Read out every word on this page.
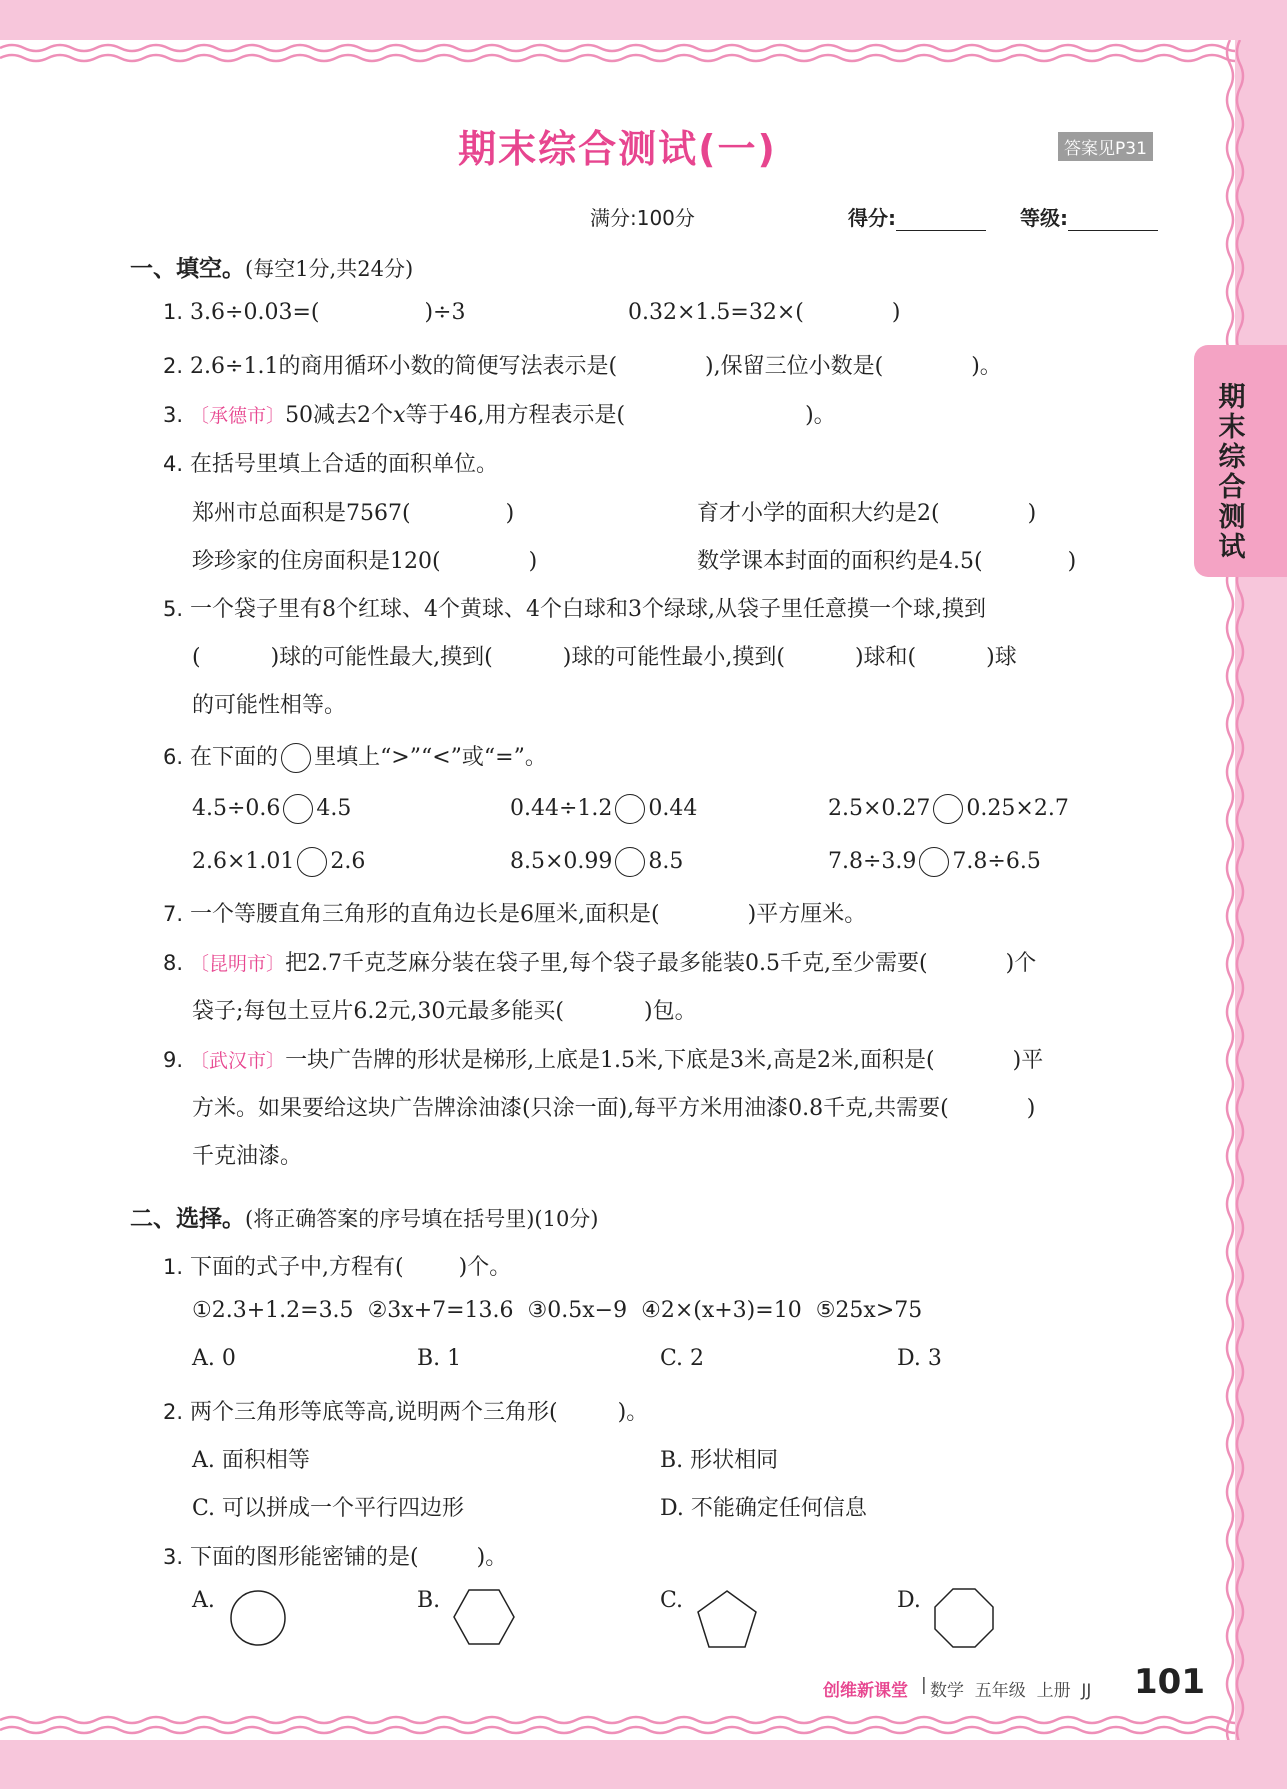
期末综合测试(一)	答案见P31
满分:100分	得分:	等级:
期末综合测试
一、填空。(每空1分,共24分)
1. 3.6÷0.03=(	)÷3	0.32×1.5=32×(	)
2. 2.6÷1.1的商用循环小数的简便写法表示是(	),保留三位小数是(	)。
3. 〔承德市〕50减去2个x等于46,用方程表示是(	)。
4. 在括号里填上合适的面积单位。
郑州市总面积是7567(	)	育才小学的面积大约是2(	)
珍珍家的住房面积是120(	)	数学课本封面的面积约是4.5(	)
5. 一个袋子里有8个红球、4个黄球、4个白球和3个绿球,从袋子里任意摸一个球,摸到
(	)球的可能性最大,摸到(	)球的可能性最小,摸到(	)球和(	)球
的可能性相等。
6. 在下面的 里填上“>”“<”或“=”。
4.5÷0.6 4.5	0.44÷1.2 0.44	2.5×0.27 0.25×2.7
2.6×1.01 2.6	8.5×0.99 8.5	7.8÷3.9 7.8÷6.5
7. 一个等腰直角三角形的直角边长是6厘米,面积是(	)平方厘米。
8. 〔昆明市〕把2.7千克芝麻分装在袋子里,每个袋子最多能装0.5千克,至少需要(	)个
袋子;每包土豆片6.2元,30元最多能买(	)包。
9. 〔武汉市〕一块广告牌的形状是梯形,上底是1.5米,下底是3米,高是2米,面积是(	)平
方米。如果要给这块广告牌涂油漆(只涂一面),每平方米用油漆0.8千克,共需要(	)
千克油漆。
二、选择。(将正确答案的序号填在括号里)(10分)
1. 下面的式子中,方程有(	)个。
①2.3+1.2=3.5 ②3x+7=13.6 ③0.5x−9 ④2×(x+3)=10 ⑤25x>75
A. 0	B. 1	C. 2	D. 3
2. 两个三角形等底等高,说明两个三角形(	)。
A. 面积相等	B. 形状相同
C. 可以拼成一个平行四边形	D. 不能确定任何信息
3. 下面的图形能密铺的是(	)。
A.	B.	C.	D.
创维新课堂 | 数学  五年级  上册  JJ 101
